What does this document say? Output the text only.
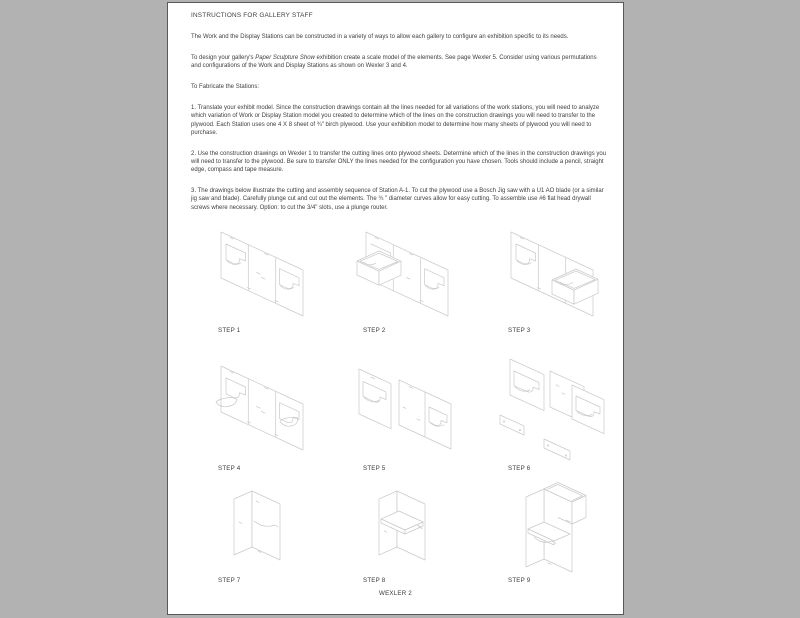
INSTRUCTIONS FOR GALLERY STAFF

The Work and the Display Stations can be constructed in a variety of ways to allow each gallery to configure an exhibition specific to its needs.

To design your gallery's Paper Sculpture Show exhibition create a scale model of the elements. See page Wexler 5. Consider using various permutations and configurations of the Work and Display Stations as shown on Wexler 3 and 4.

To Fabricate the Stations:

1. Translate your exhibit model. Since the construction drawings contain all the lines needed for all variations of the work stations, you will need to analyze which variation of Work or Display Station model you created to determine which of the lines on the construction drawings you will need to transfer to the plywood. Each Station uses one 4 X 8 sheet of ¾" birch plywood. Use your exhibition model to determine how many sheets of plywood you will need to purchase.

2. Use the construction drawings on Wexler 1 to transfer the cutting lines onto plywood sheets. Determine which of the lines in the construction drawings you will need to transfer to the plywood. Be sure to transfer ONLY the lines needed for the configuration you have chosen. Tools should include a pencil, straight edge, compass and tape measure.

3. The drawings below illustrate the cutting and assembly sequence of Station A-1. To cut the plywood use a Bosch Jig saw with a U1 AO blade (or a similar jig saw and blade). Carefully plunge cut and cut out the elements. The ¾ " diameter curves allow for easy cutting. To assemble use #6 flat head drywall screws where necessary. Option: to cut the 3/4" slots, use a plunge router.

STEP 1	STEP 2	STEP 3
STEP 4	STEP 5	STEP 6
STEP 7	STEP 8	STEP 9
WEXLER 2
